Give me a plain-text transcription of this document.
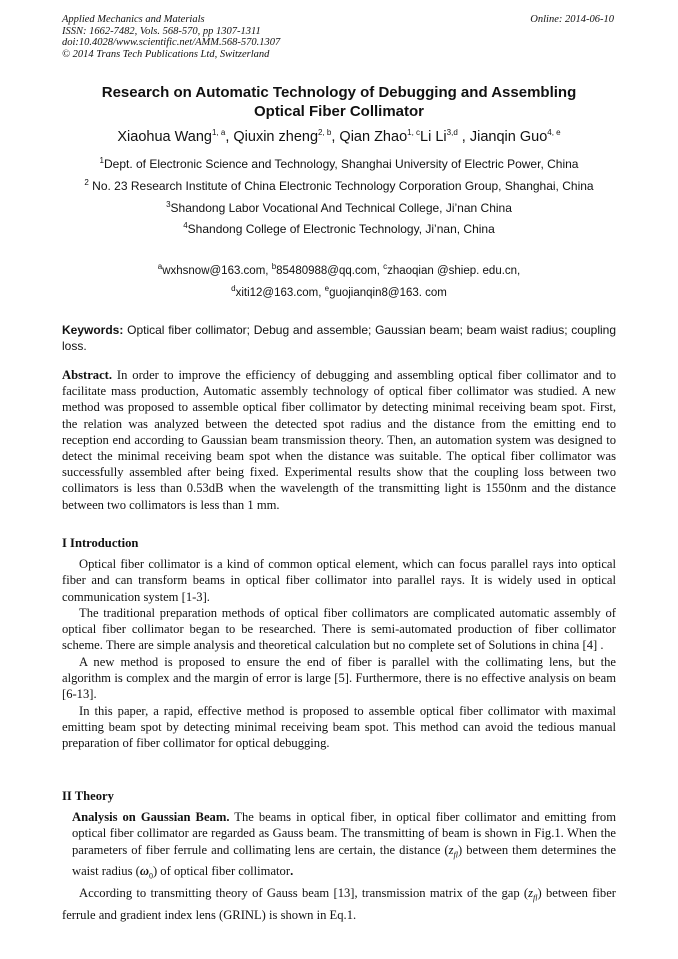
Applied Mechanics and Materials
ISSN: 1662-7482, Vols. 568-570, pp 1307-1311
doi:10.4028/www.scientific.net/AMM.568-570.1307
© 2014 Trans Tech Publications Ltd, Switzerland
Online: 2014-06-10
Research on Automatic Technology of Debugging and Assembling
Optical Fiber Collimator
Xiaohua Wang$^{1, a}$, Qiuxin zheng$^{2, b}$, Qian Zhao$^{1, c}$Li Li$^{3,d}$ , Jianqin Guo$^{4, e}$
$^1$Dept. of Electronic Science and Technology, Shanghai University of Electric Power, China
$^2$ No. 23 Research Institute of China Electronic Technology Corporation Group, Shanghai, China
$^3$Shandong Labor Vocational And Technical College, Ji’nan China
$^4$Shandong College of Electronic Technology, Ji’nan, China
$^a$wxhsnow@163.com, $^b$85480988@qq.com, $^c$zhaoqian @shiep. edu.cn,
$^d$xiti12@163.com, $^e$guojianqin8@163. com
Keywords: Optical fiber collimator; Debug and assemble; Gaussian beam; beam waist radius; coupling loss.
Abstract. In order to improve the efficiency of debugging and assembling optical fiber collimator and to facilitate mass production, Automatic assembly technology of optical fiber collimator was studied. A new method was proposed to assemble optical fiber collimator by detecting minimal receiving beam spot. First, the relation was analyzed between the detected spot radius and the distance from the emitting end to reception end according to Gaussian beam transmission theory. Then, an automation system was designed to detect the minimal receiving beam spot when the distance was suitable. The optical fiber collimator was successfully assembled after being fixed. Experimental results show that the coupling loss between two collimators is less than 0.53dB when the wavelength of the transmitting light is 1550nm and the distance between two collimators is less than 1 mm.
I Introduction

Optical fiber collimator is a kind of common optical element, which can focus parallel rays into optical fiber and can transform beams in optical fiber collimator into parallel rays. It is widely used in optical communication system [1-3].

The traditional preparation methods of optical fiber collimators are complicated automatic assembly of optical fiber collimator began to be researched. There is semi-automated production of fiber collimator scheme. There are simple analysis and theoretical calculation but no complete set of Solutions in china [4] .

A new method is proposed to ensure the end of fiber is parallel with the collimating lens, but the algorithm is complex and the margin of error is large [5]. Furthermore, there is no effective analysis on beam [6-13].

In this paper, a rapid, effective method is proposed to assemble optical fiber collimator with maximal emitting beam spot by detecting minimal receiving beam spot. This method can avoid the tedious manual preparation of fiber collimator for optical debugging.

II Theory

Analysis on Gaussian Beam. The beams in optical fiber, in optical fiber collimator and emitting from optical fiber collimator are regarded as Gauss beam. The transmitting of beam is shown in Fig.1. When the parameters of fiber ferrule and collimating lens are certain, the distance $(z_{fl})$ between them determines the waist radius $(\omega_0)$ of optical fiber collimator.

According to transmitting theory of Gauss beam [13], transmission matrix of the gap $(z_{fl})$ between fiber ferrule and gradient index lens (GRINL) is shown in Eq.1.
